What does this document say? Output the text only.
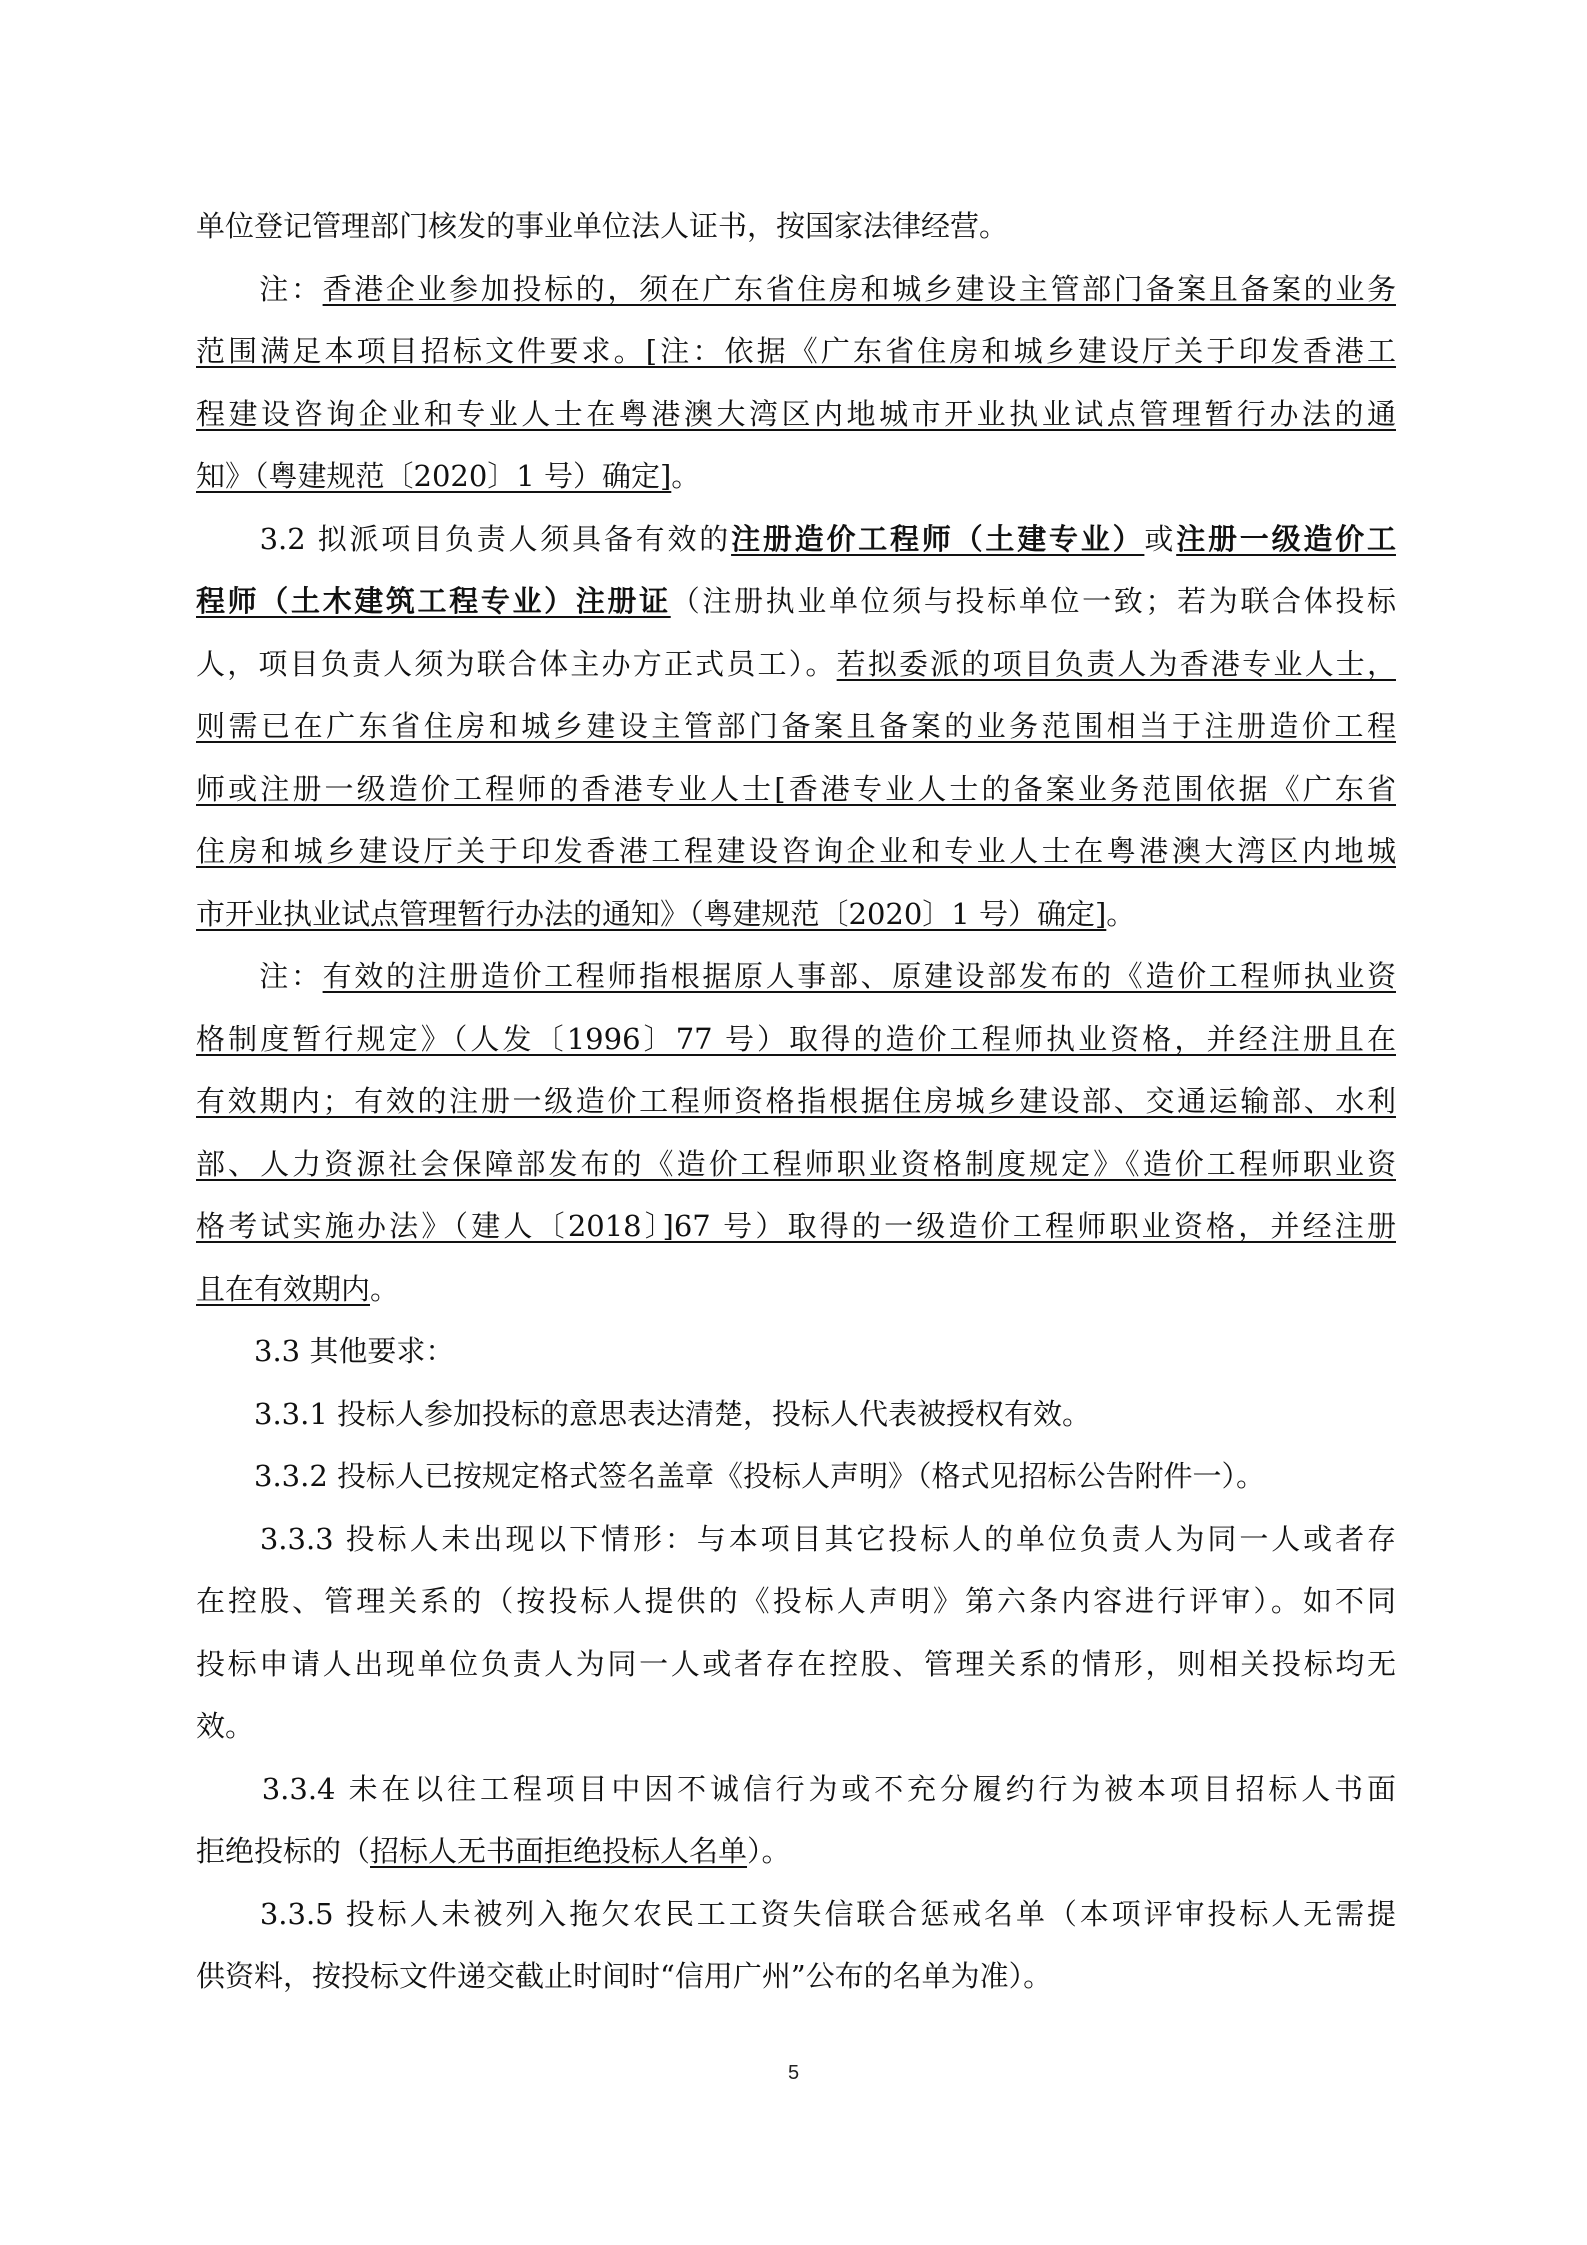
单位登记管理部门核发的事业单位法人证书，按国家法律经营。
　　注：香港企业参加投标的，须在广东省住房和城乡建设主管部门备案且备案的业务
范围满足本项目招标文件要求。[注：依据《广东省住房和城乡建设厅关于印发香港工
程建设咨询企业和专业人士在粤港澳大湾区内地城市开业执业试点管理暂行办法的通
知》（粤建规范〔2020〕1 号）确定]。
　　3.2 拟派项目负责人须具备有效的注册造价工程师（土建专业）或注册一级造价工
程师（土木建筑工程专业）注册证（注册执业单位须与投标单位一致；若为联合体投标
人，项目负责人须为联合体主办方正式员工）。若拟委派的项目负责人为香港专业人士，
则需已在广东省住房和城乡建设主管部门备案且备案的业务范围相当于注册造价工程
师或注册一级造价工程师的香港专业人士[香港专业人士的备案业务范围依据《广东省
住房和城乡建设厅关于印发香港工程建设咨询企业和专业人士在粤港澳大湾区内地城
市开业执业试点管理暂行办法的通知》（粤建规范〔2020〕1 号）确定]。
　　注：有效的注册造价工程师指根据原人事部、原建设部发布的《造价工程师执业资
格制度暂行规定》（人发〔1996〕77 号）取得的造价工程师执业资格，并经注册且在
有效期内；有效的注册一级造价工程师资格指根据住房城乡建设部、交通运输部、水利
部、人力资源社会保障部发布的《造价工程师职业资格制度规定》《造价工程师职业资
格考试实施办法》（建人〔2018〕]67 号）取得的一级造价工程师职业资格，并经注册
且在有效期内。
　　3.3 其他要求：
　　3.3.1 投标人参加投标的意思表达清楚，投标人代表被授权有效。
　　3.3.2 投标人已按规定格式签名盖章《投标人声明》（格式见招标公告附件一）。
　　3.3.3 投标人未出现以下情形：与本项目其它投标人的单位负责人为同一人或者存
在控股、管理关系的（按投标人提供的《投标人声明》第六条内容进行评审）。如不同
投标申请人出现单位负责人为同一人或者存在控股、管理关系的情形，则相关投标均无
效。
　　3.3.4 未在以往工程项目中因不诚信行为或不充分履约行为被本项目招标人书面
拒绝投标的（招标人无书面拒绝投标人名单）。
　　3.3.5 投标人未被列入拖欠农民工工资失信联合惩戒名单（本项评审投标人无需提
供资料，按投标文件递交截止时间时“信用广州”公布的名单为准）。
5
